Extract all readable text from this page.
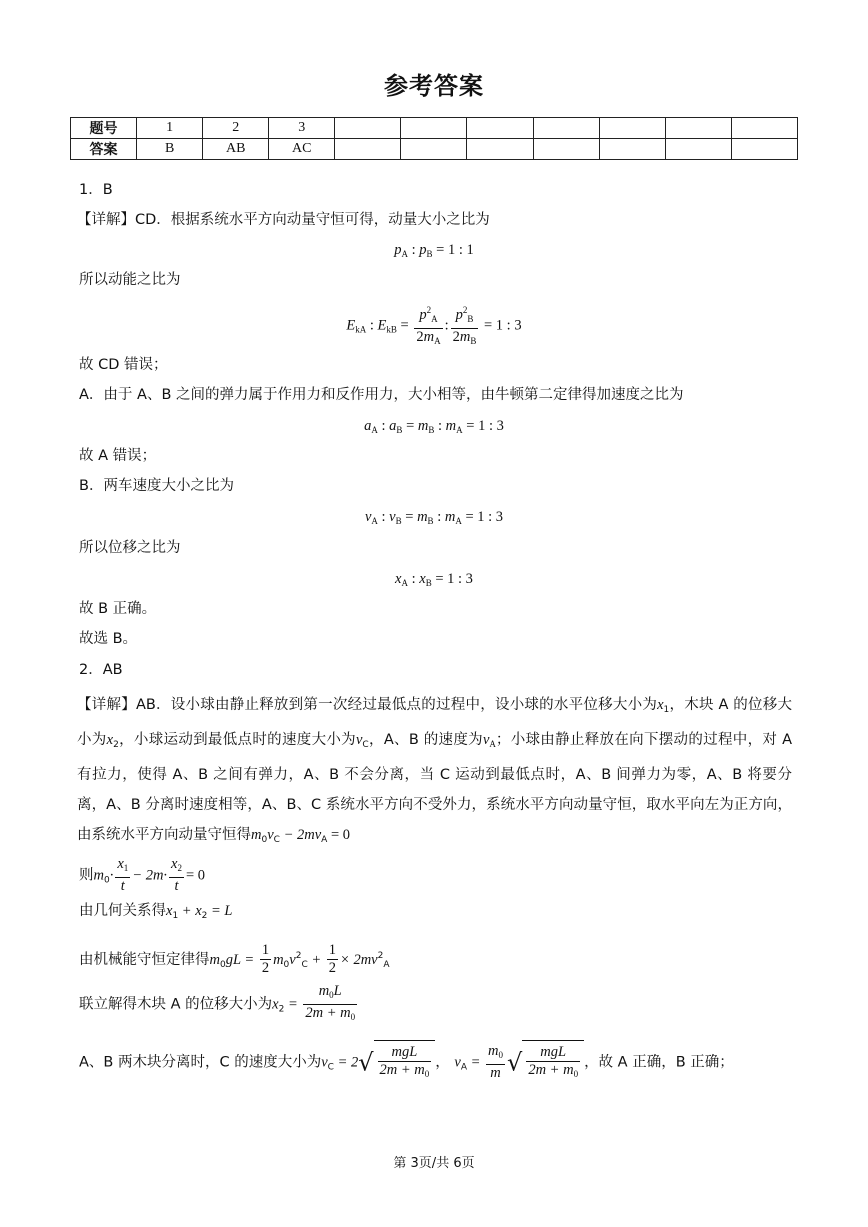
参考答案
题号	1	2	3							
答案	B	AB	AC							
1．B
【详解】CD．根据系统水平方向动量守恒可得，动量大小之比为
$p_A$ : $p_B = 1$ : 1
所以动能之比为
$E_{kA}$ : $E_{kB} = \frac{p^2_A}{2m_A}$ : $\frac{p^2_B}{2m_B} = 1$ : 3
故 CD 错误；
A．由于 A、B 之间的弹力属于作用力和反作用力，大小相等，由牛顿第二定律得加速度之比为
$a_A$ : $a_B = m_B$ : $m_A = 1$ : 3
故 A 错误；
B．两车速度大小之比为
$v_A$ : $v_B = m_B$ : $m_A = 1$ : 3
所以位移之比为
$x_A$ : $x_B = 1$ : 3
故 B 正确。
故选 B。
2．AB
【详解】AB．设小球由静止释放到第一次经过最低点的过程中，设小球的水平位移大小为$x_1$，木块 A 的位移大小为$x_2$，小球运动到最低点时的速度大小为$v_C$，A、B 的速度为$v_A$；小球由静止释放在向下摆动的过程中，对 A 有拉力，使得 A、B 之间有弹力，A、B 不会分离，当 C 运动到最低点时，A、B 间弹力为零，A、B 将要分离，A、B 分离时速度相等，A、B、C 系统水平方向不受外力，系统水平方向动量守恒，取水平向左为正方向，由系统水平方向动量守恒得$m_0v_C - 2mv_A = 0$
则$m_0\cdot \frac{x_1}{t} - 2m\cdot \frac{x_2}{t} = 0$
由几何关系得$x_1 + x_2 = L$
由机械能守恒定律得$m_0gL = \frac{1}{2} m_0v^2_C + \frac{1}{2} \times 2mv^2_A$
联立解得木块 A 的位移大小为$x_2 = \frac{m_0L}{2m + m_0}$
A、B 两木块分离时，C 的速度大小为$v_C = 2√ \frac{\text{mgL}}{2m + m_0}$ ， $v_A = \frac{m_0}{m}$ √ $\frac{\text{mgL}}{2m + m_0}$ ，故 A 正确，B 正确；
第 3页/共 6页
